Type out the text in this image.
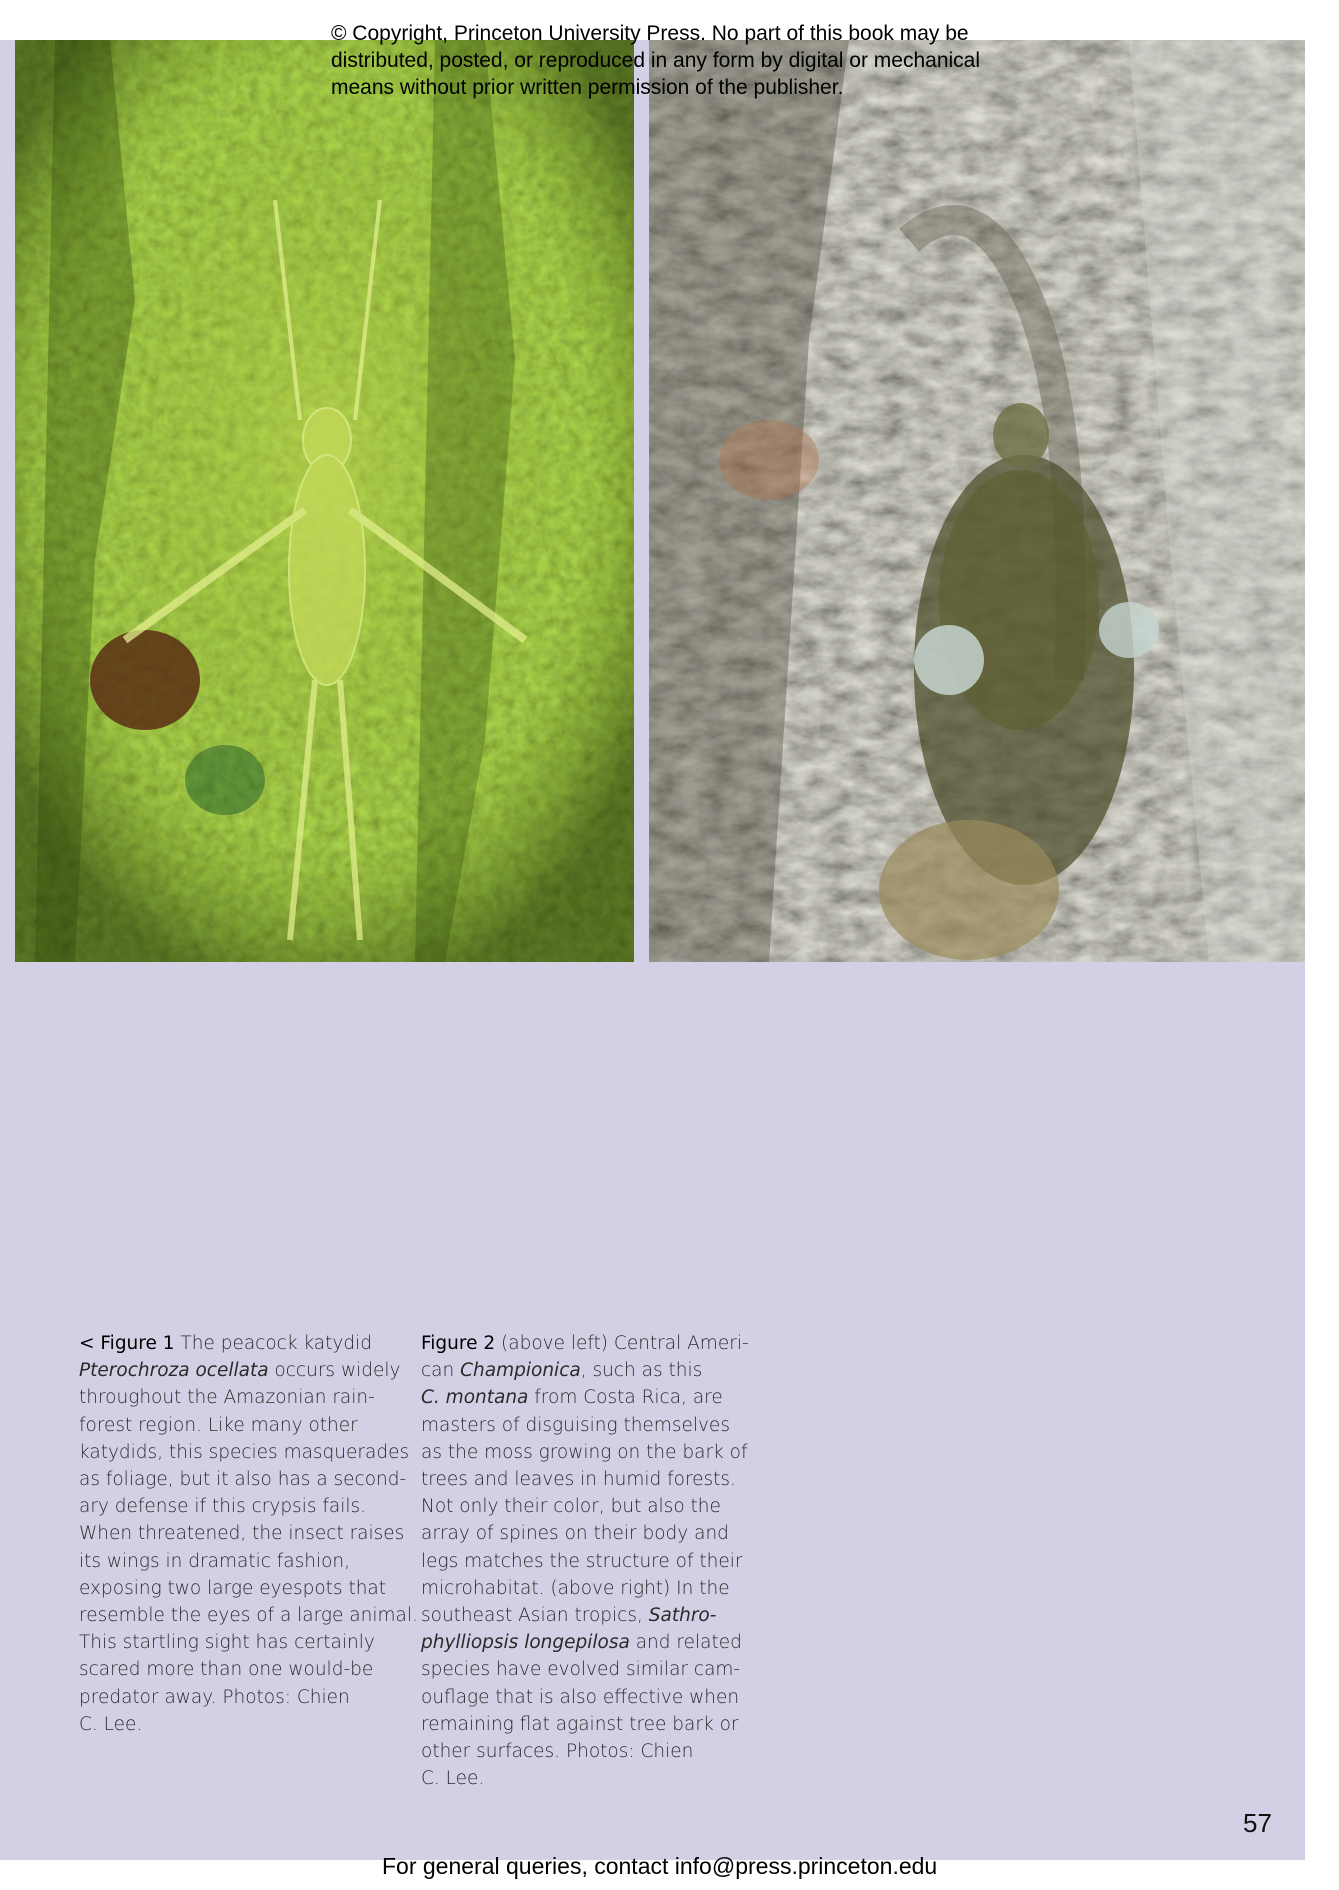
© Copyright, Princeton University Press. No part of this book may be
distributed, posted, or reproduced in any form by digital or mechanical
means without prior written permission of the publisher.
< Figure 1 The peacock katydid
Pterochroza ocellata occurs widely
throughout the Amazonian rain-
forest region. Like many other
katydids, this species masquerades
as foliage, but it also has a second-
ary defense if this crypsis fails.
When threatened, the insect raises
its wings in dramatic fashion,
exposing two large eyespots that
resemble the eyes of a large animal.
This startling sight has certainly
scared more than one would-be
predator away. Photos: Chien
C. Lee.
Figure 2 (above left) Central Ameri-
can Championica, such as this
C. montana from Costa Rica, are
masters of disguising themselves
as the moss growing on the bark of
trees and leaves in humid forests.
Not only their color, but also the
array of spines on their body and
legs matches the structure of their
microhabitat. (above right) In the
southeast Asian tropics, Sathro-
phylliopsis longepilosa and related
species have evolved similar cam-
ouflage that is also effective when
remaining flat against tree bark or
other surfaces. Photos: Chien
C. Lee.
57
For general queries, contact info@press.princeton.edu
